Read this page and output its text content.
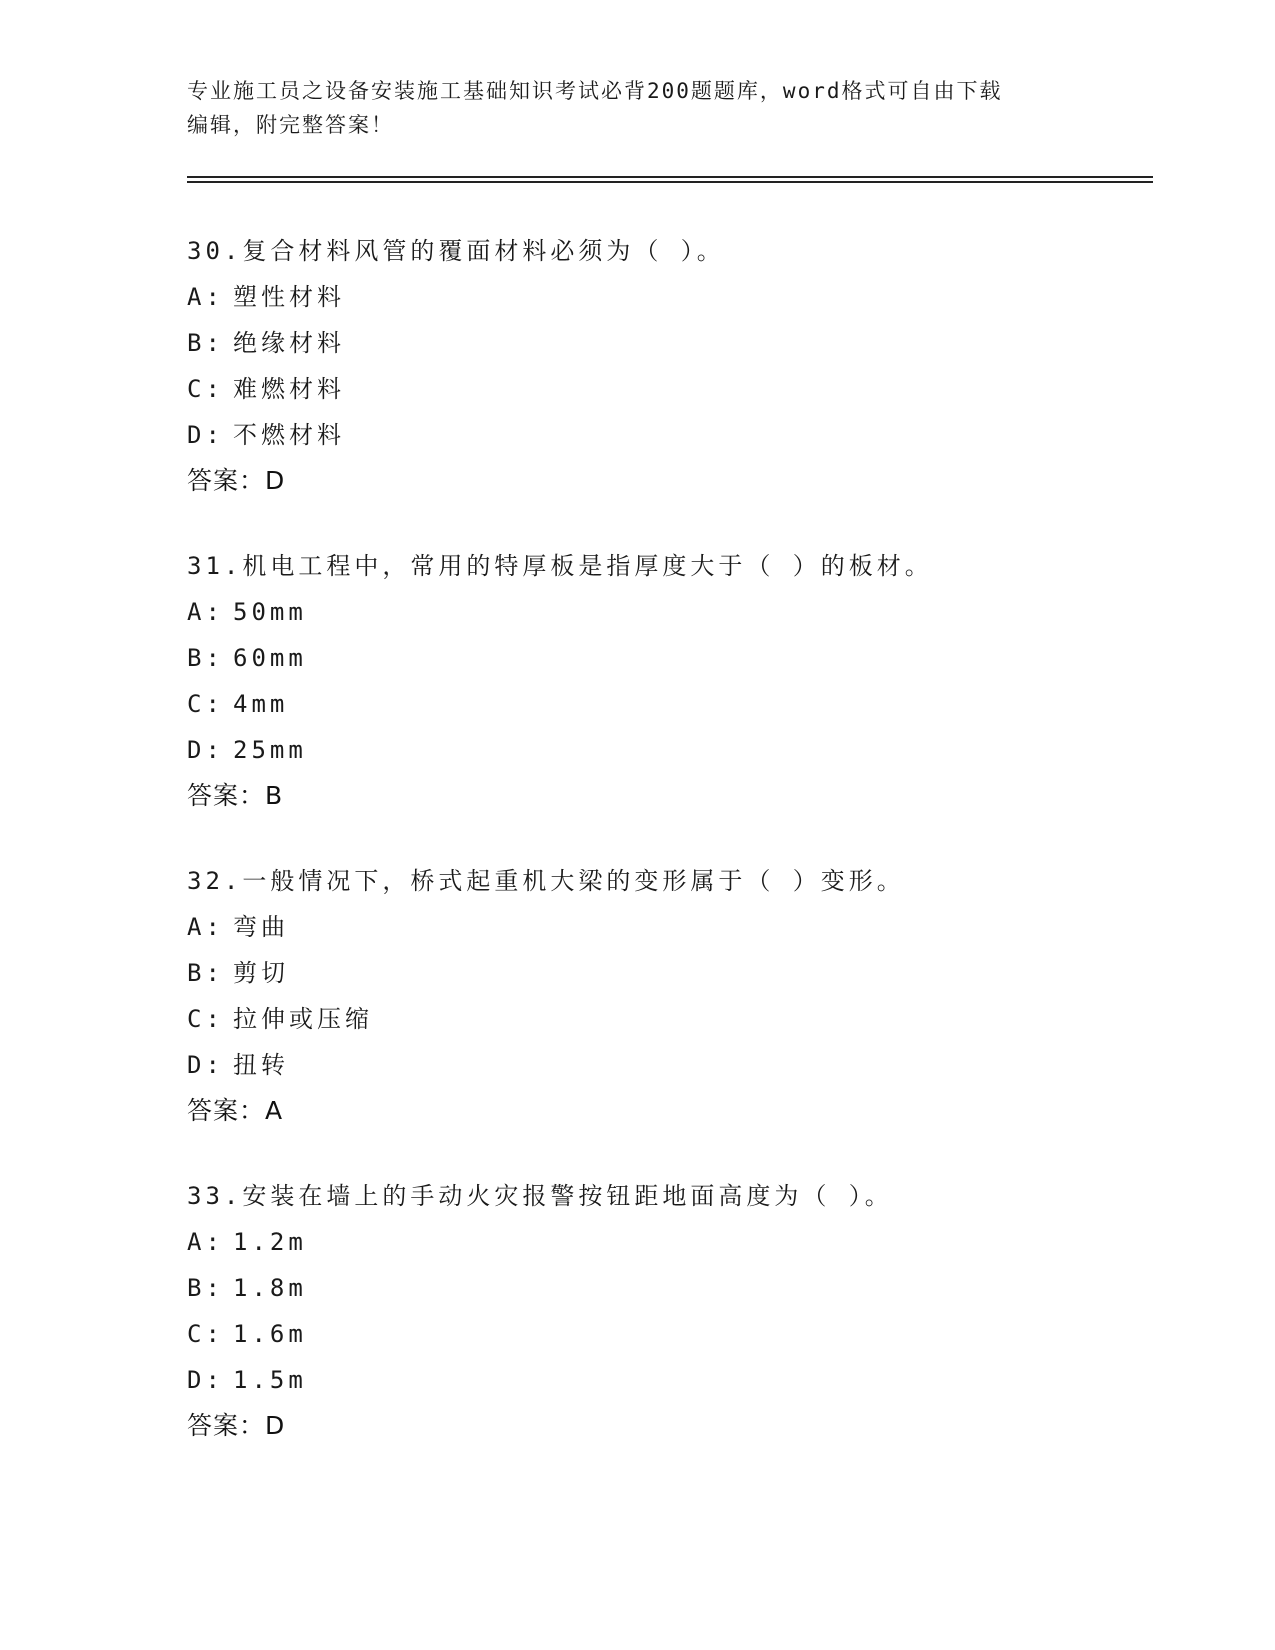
专业施工员之设备安装施工基础知识考试必背200题题库，word格式可自由下载
编辑，附完整答案！
30.复合材料风管的覆面材料必须为（ ）。
A: 塑性材料
B: 绝缘材料
C: 难燃材料
D: 不燃材料
答案：D
31.机电工程中，常用的特厚板是指厚度大于（ ）的板材。
A: 50mm
B: 60mm
C: 4mm
D: 25mm
答案：B
32.一般情况下，桥式起重机大梁的变形属于（ ）变形。
A: 弯曲
B: 剪切
C: 拉伸或压缩
D: 扭转
答案：A
33.安装在墙上的手动火灾报警按钮距地面高度为（ ）。
A: 1.2m
B: 1.8m
C: 1.6m
D: 1.5m
答案：D
